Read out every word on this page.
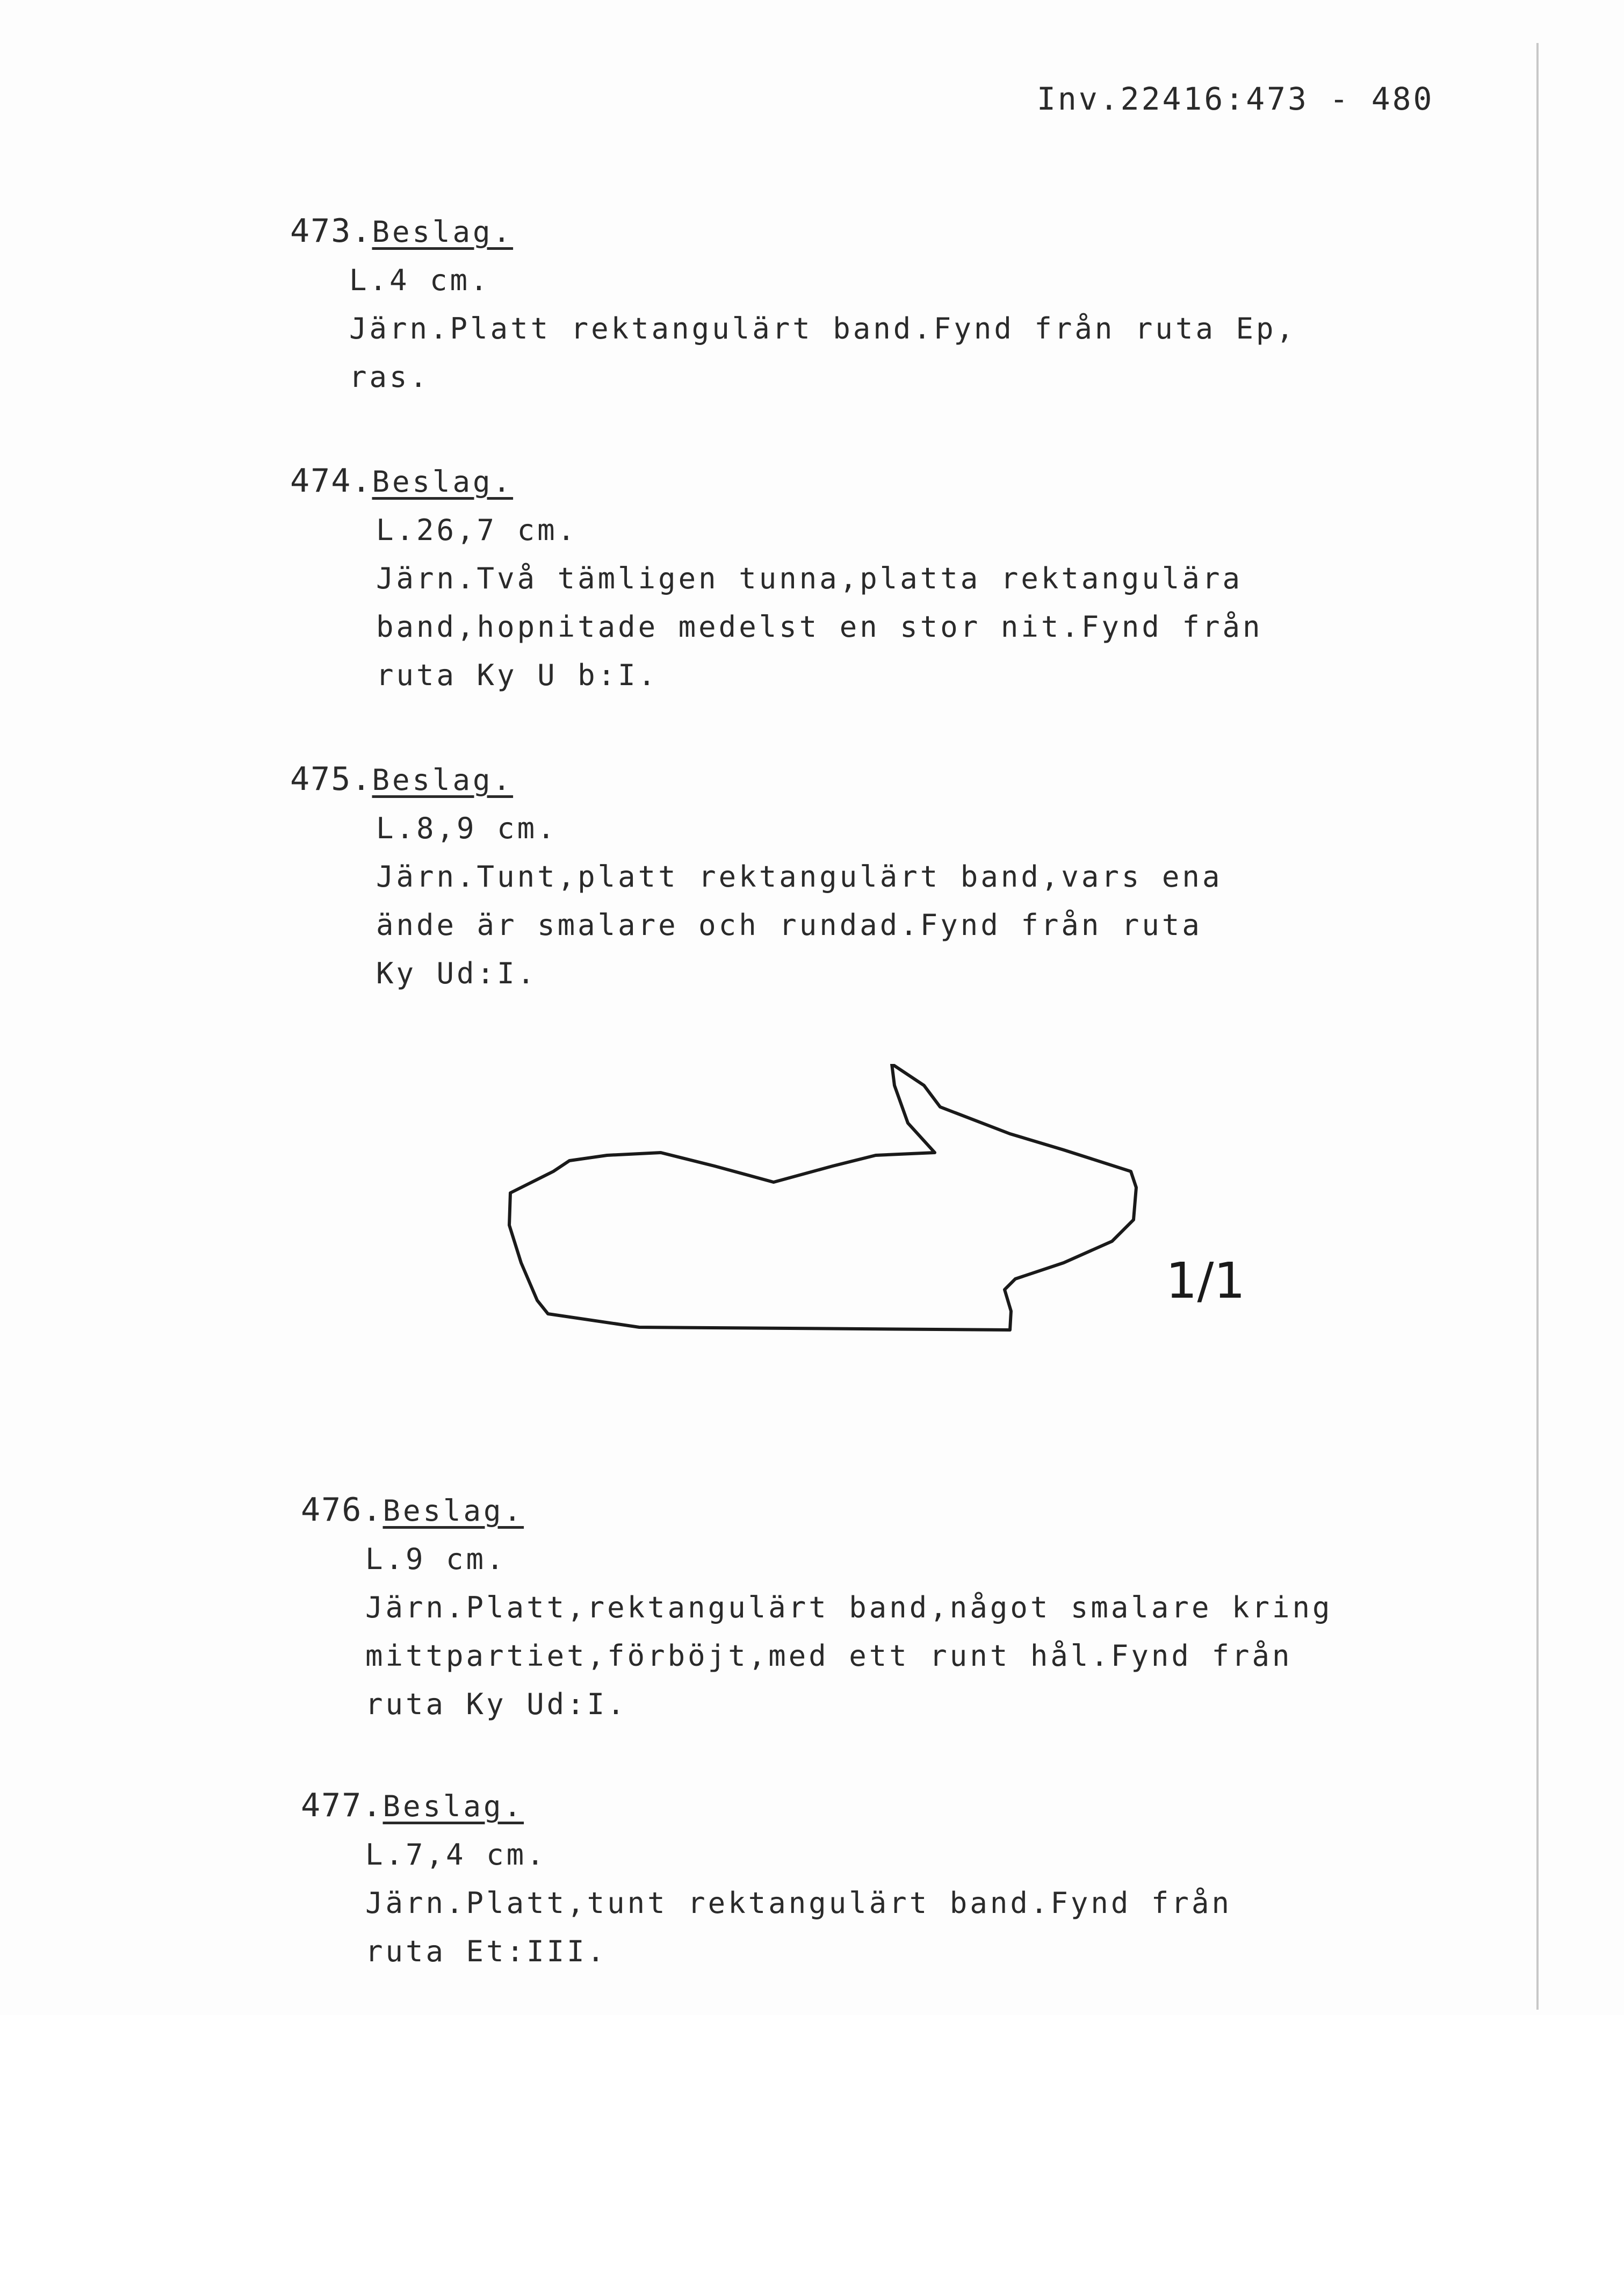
Inv.22416:473 - 480
473.Beslag.
L.4 cm.
Järn.Platt rektangulärt band.Fynd från ruta Ep,
ras.
474.Beslag.
L.26,7 cm.
Järn.Två tämligen tunna,platta rektangulära
band,hopnitade medelst en stor nit.Fynd från
ruta Ky U b:I.
475.Beslag.
L.8,9 cm.
Järn.Tunt,platt rektangulärt band,vars ena
ände är smalare och rundad.Fynd från ruta
Ky Ud:I.
1/1
476.Beslag.
L.9 cm.
Järn.Platt,rektangulärt band,något smalare kring
mittpartiet,förböjt,med ett runt hål.Fynd från
ruta Ky Ud:I.
477.Beslag.
L.7,4 cm.
Järn.Platt,tunt rektangulärt band.Fynd från
ruta Et:III.
